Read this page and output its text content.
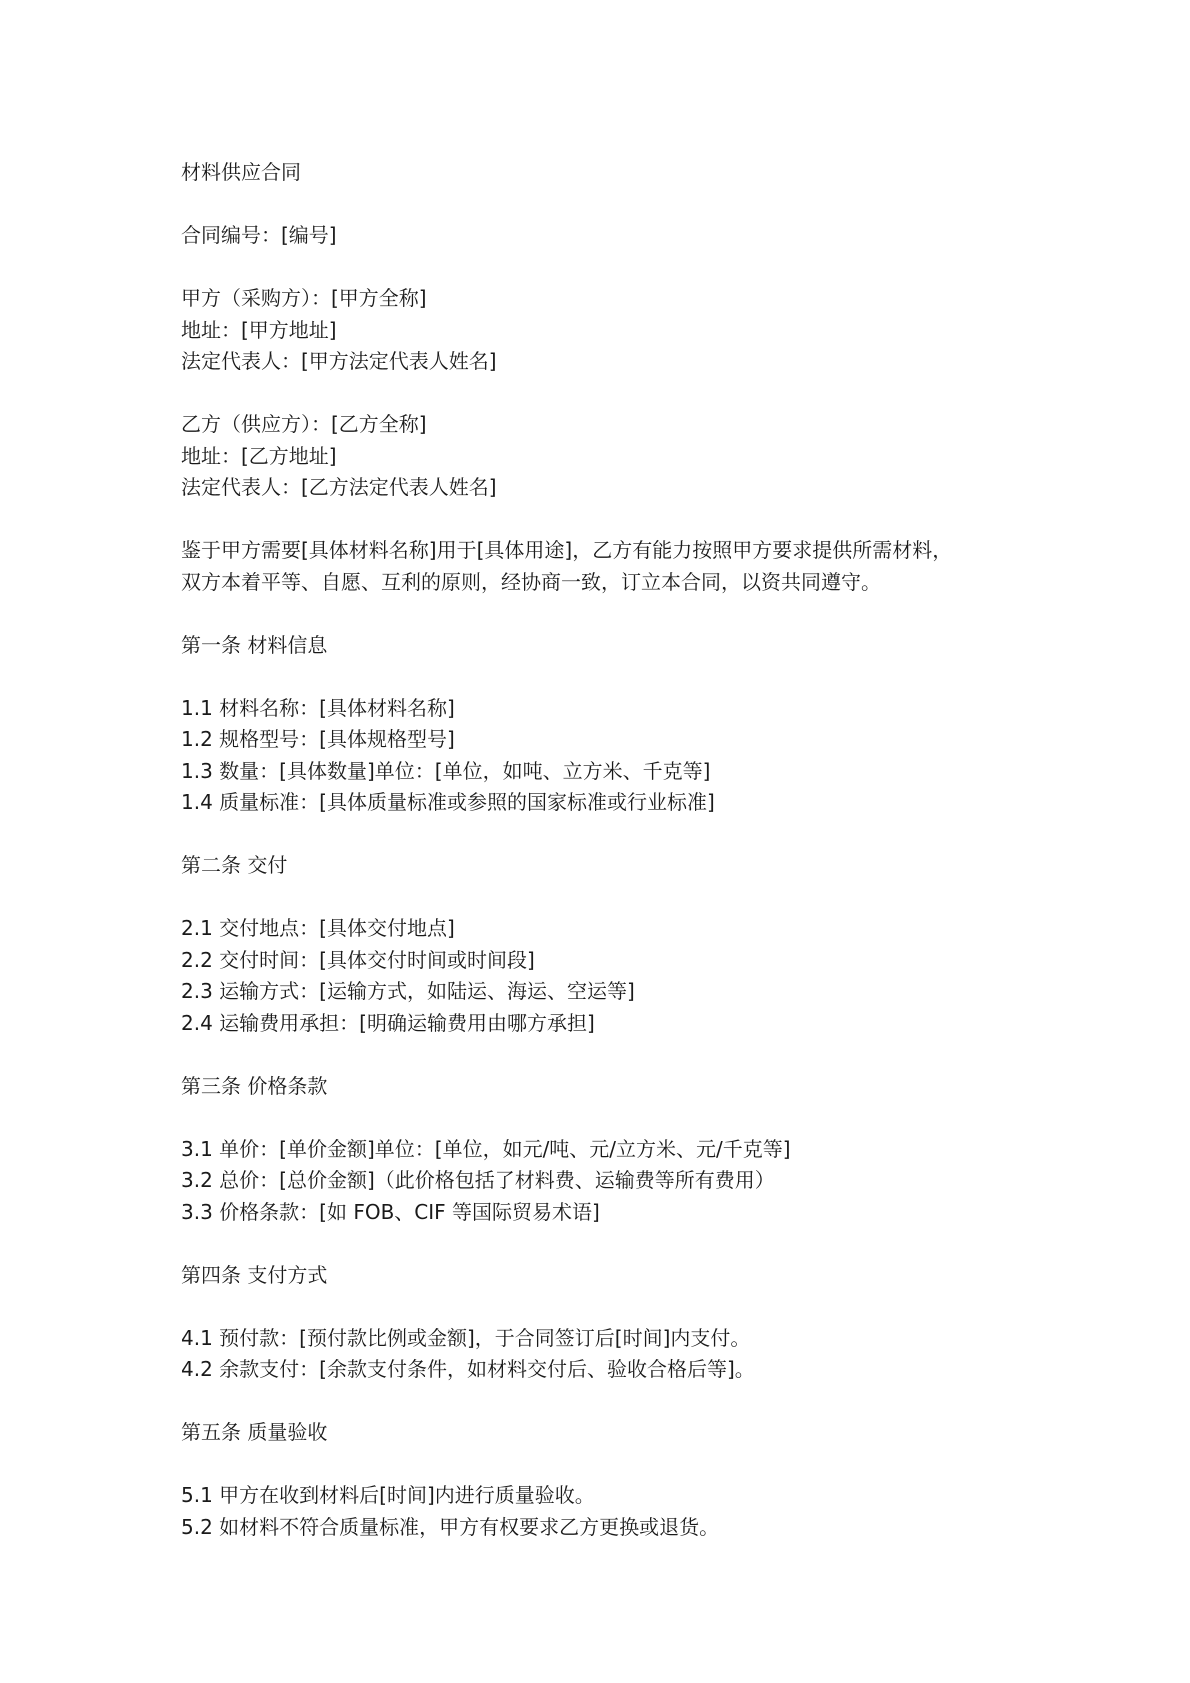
材料供应合同
合同编号：[编号]
甲方（采购方）：[甲方全称]
地址：[甲方地址]
法定代表人：[甲方法定代表人姓名]
乙方（供应方）：[乙方全称]
地址：[乙方地址]
法定代表人：[乙方法定代表人姓名]
鉴于甲方需要[具体材料名称]用于[具体用途]，乙方有能力按照甲方要求提供所需材料，
双方本着平等、自愿、互利的原则，经协商一致，订立本合同，以资共同遵守。
第一条 材料信息
1.1 材料名称：[具体材料名称]
1.2 规格型号：[具体规格型号]
1.3 数量：[具体数量]单位：[单位，如吨、立方米、千克等]
1.4 质量标准：[具体质量标准或参照的国家标准或行业标准]
第二条 交付
2.1 交付地点：[具体交付地点]
2.2 交付时间：[具体交付时间或时间段]
2.3 运输方式：[运输方式，如陆运、海运、空运等]
2.4 运输费用承担：[明确运输费用由哪方承担]
第三条 价格条款
3.1 单价：[单价金额]单位：[单位，如元/吨、元/立方米、元/千克等]
3.2 总价：[总价金额]（此价格包括了材料费、运输费等所有费用）
3.3 价格条款：[如 FOB、CIF 等国际贸易术语]
第四条 支付方式
4.1 预付款：[预付款比例或金额]，于合同签订后[时间]内支付。
4.2 余款支付：[余款支付条件，如材料交付后、验收合格后等]。
第五条 质量验收
5.1 甲方在收到材料后[时间]内进行质量验收。
5.2 如材料不符合质量标准，甲方有权要求乙方更换或退货。
